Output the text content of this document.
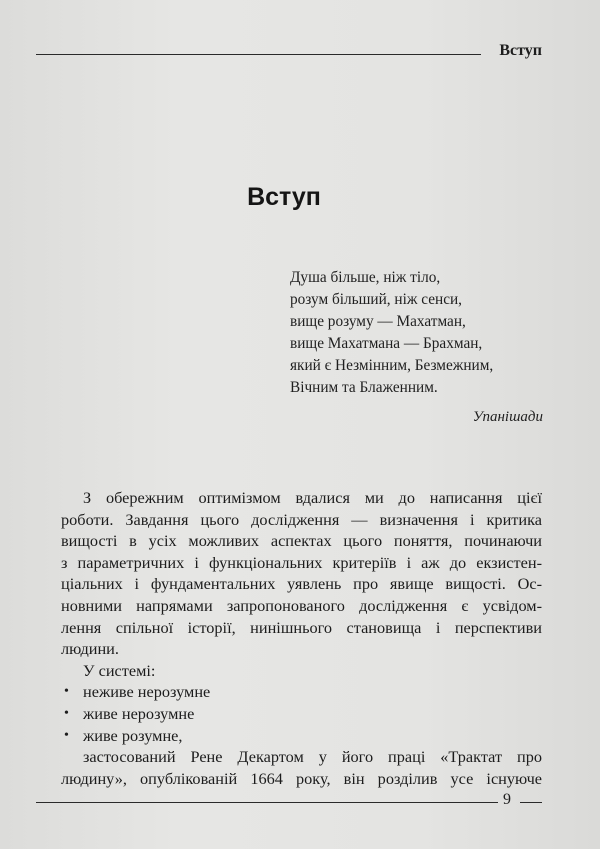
Вступ
Вступ
Душа більше, ніж тіло,
розум більший, ніж сенси,
вище розуму — Махатман,
вище Махатмана — Брахман,
який є Незмінним, Безмежним,
Вічним та Блаженним.
Упанішади
З обережним оптимізмом вдалися ми до написання цієї
роботи. Завдання цього дослідження — визначення і критика
вищості в усіх можливих аспектах цього поняття, починаючи
з параметричних і функціональних критеріїв і аж до екзистен-
ціальних і фундаментальних уявлень про явище вищості. Ос-
новними напрямами запропонованого дослідження є усвідом-
лення спільної історії, нинішнього становища і перспективи
людини.
У системі:
• неживе нерозумне
• живе нерозумне
• живе розумне,
застосований Рене Декартом у його праці «Трактат про
людину», опублікованій 1664 року, він розділив усе існуюче
9
